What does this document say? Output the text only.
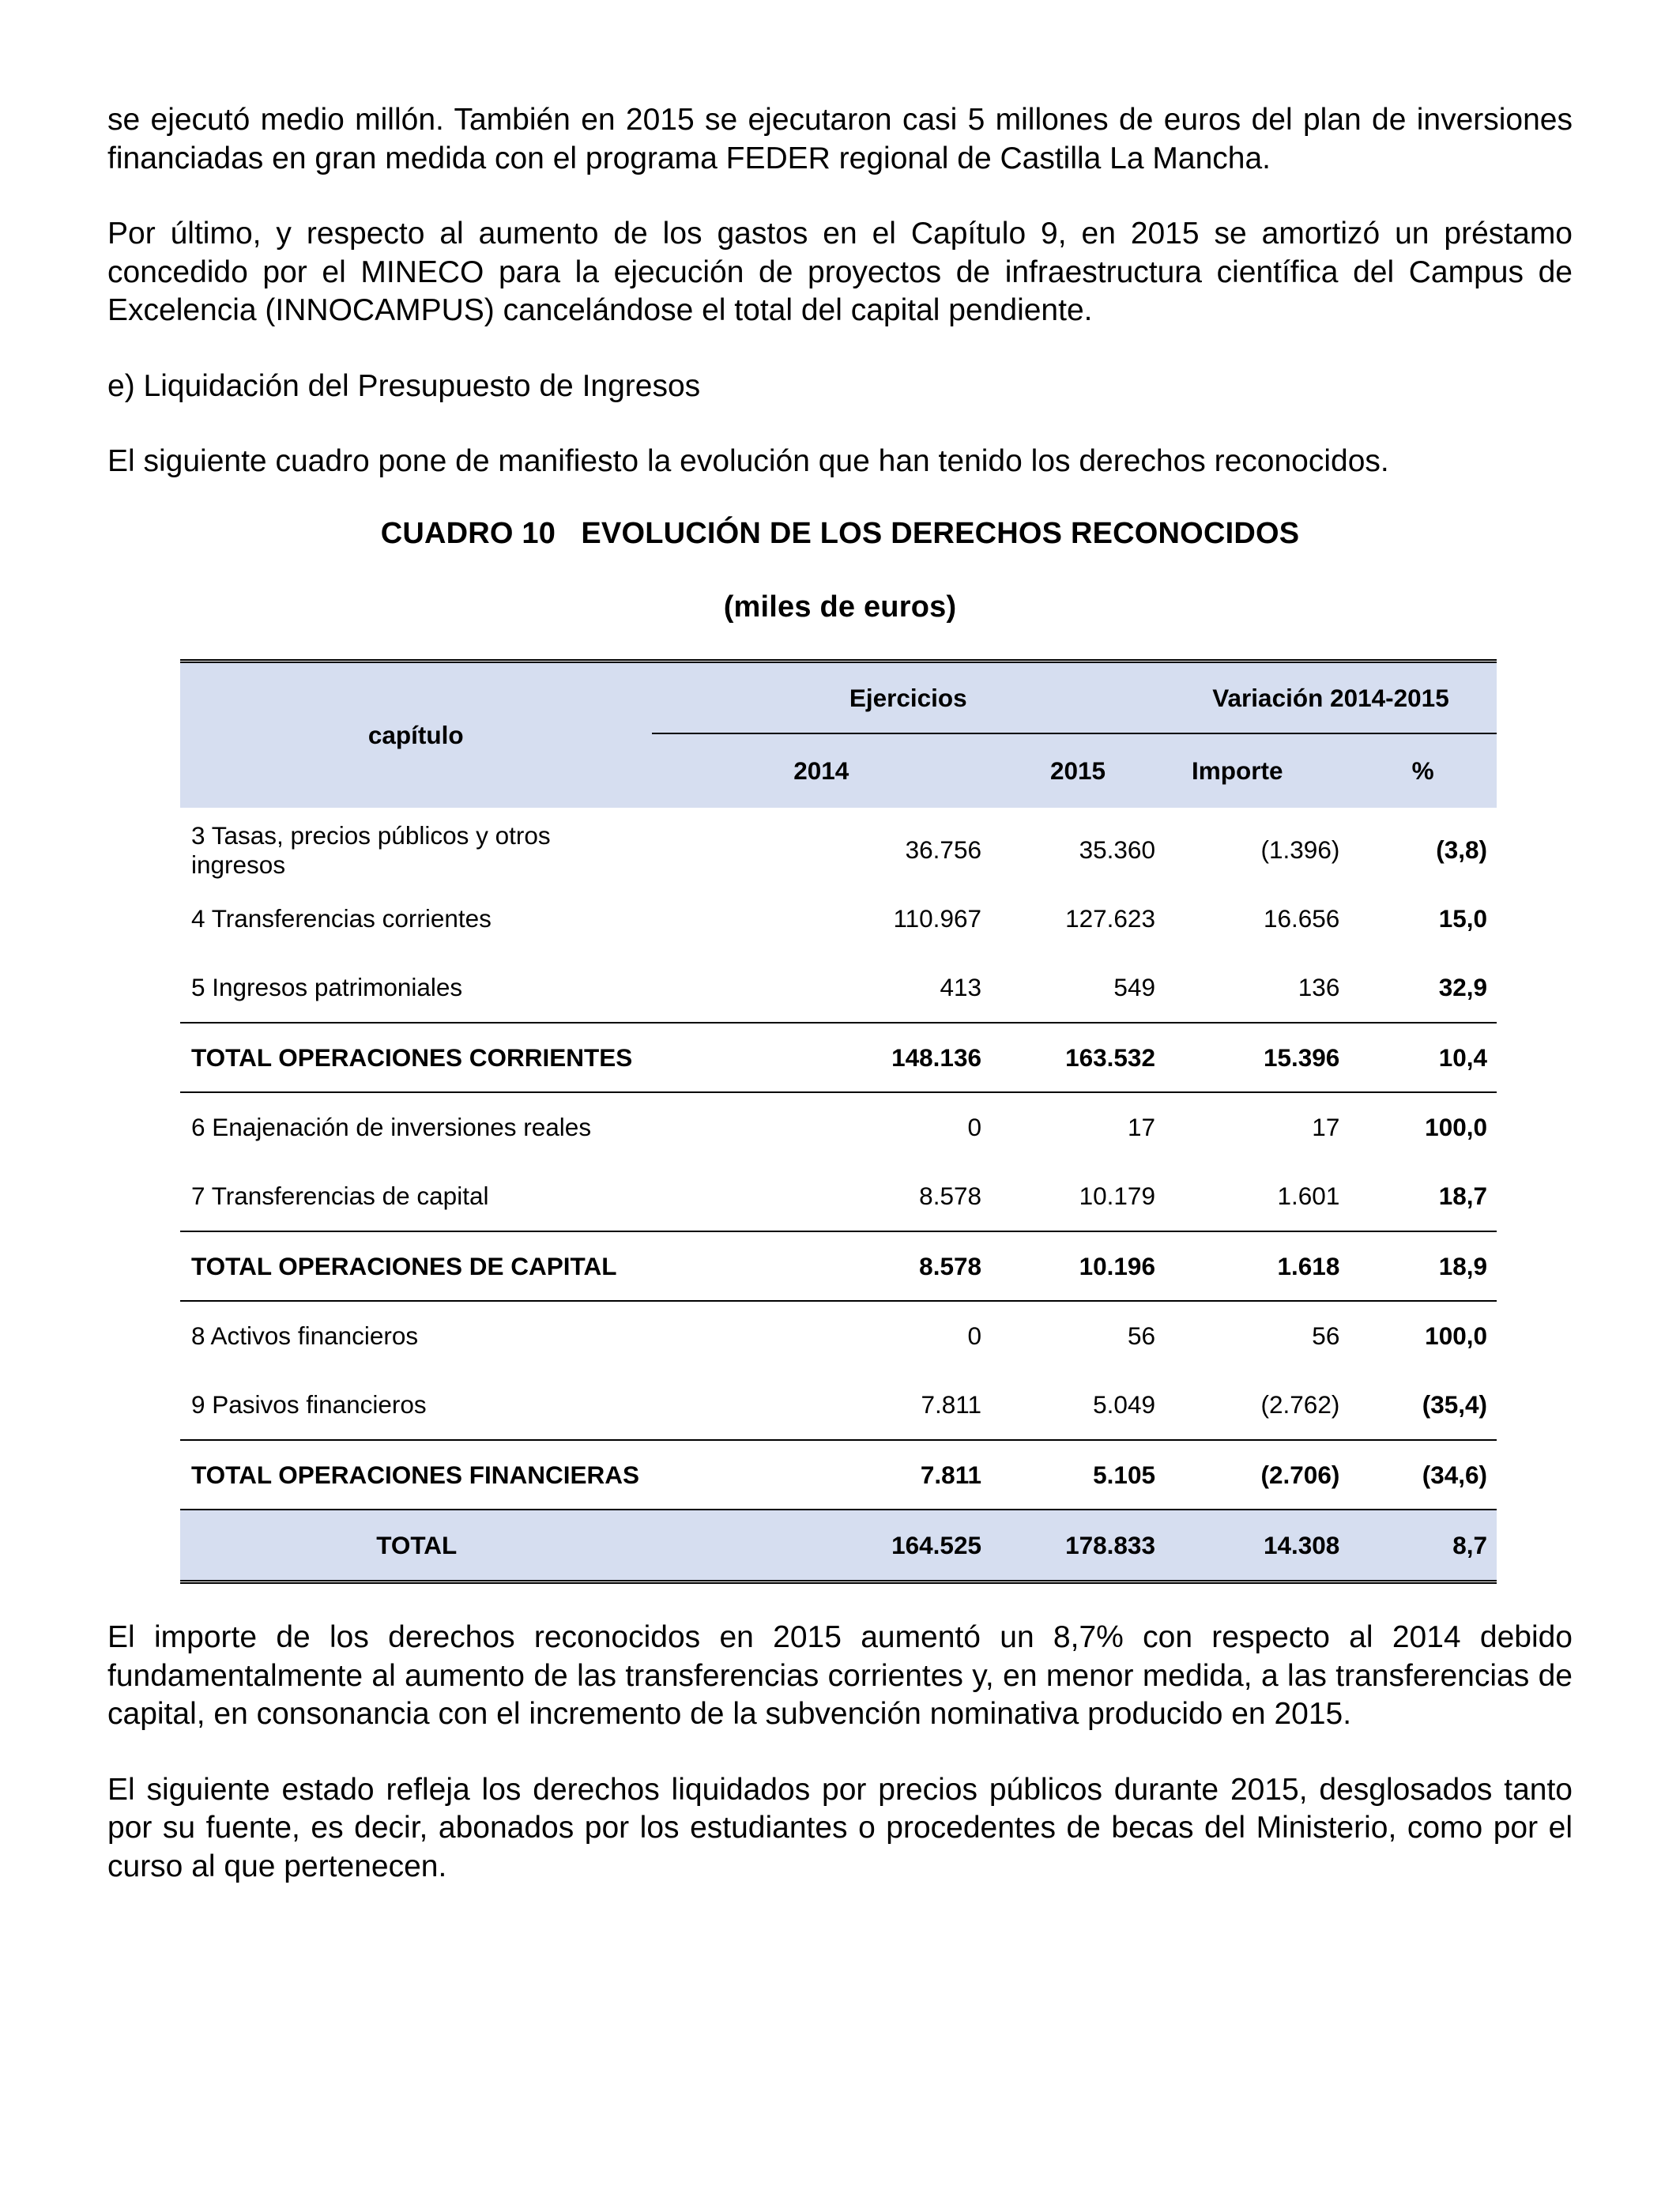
se ejecutó medio millón. También en 2015 se ejecutaron casi 5 millones de euros del plan de inversiones financiadas en gran medida con el programa FEDER regional de Castilla La Mancha.

Por último, y respecto al aumento de los gastos en el Capítulo 9, en 2015 se amortizó un préstamo concedido por el MINECO para la ejecución de proyectos de infraestructura científica del Campus de Excelencia (INNOCAMPUS) cancelándose el total del capital pendiente.

e) Liquidación del Presupuesto de Ingresos

El siguiente cuadro pone de manifiesto la evolución que han tenido los derechos reconocidos.

CUADRO 10   EVOLUCIÓN DE LOS DERECHOS RECONOCIDOS

(miles de euros)

capítulo	Ejercicios		Variación 2014-2015	
	2014	2015	Importe	%
3 Tasas, precios públicos y otros ingresos	36.756	35.360	(1.396)	(3,8)
4 Transferencias corrientes	110.967	127.623	16.656	15,0
5 Ingresos patrimoniales	413	549	136	32,9
TOTAL OPERACIONES CORRIENTES	148.136	163.532	15.396	10,4
6 Enajenación de inversiones reales	0	17	17	100,0
7 Transferencias de capital	8.578	10.179	1.601	18,7
TOTAL OPERACIONES DE CAPITAL	8.578	10.196	1.618	18,9
8 Activos financieros	0	56	56	100,0
9 Pasivos financieros	7.811	5.049	(2.762)	(35,4)
TOTAL OPERACIONES FINANCIERAS	7.811	5.105	(2.706)	(34,6)
TOTAL	164.525	178.833	14.308	8,7

El importe de los derechos reconocidos en 2015 aumentó un 8,7% con respecto al 2014 debido fundamentalmente al aumento de las transferencias corrientes y, en menor medida, a las transferencias de capital, en consonancia con el incremento de la subvención nominativa producido en 2015.

El siguiente estado refleja los derechos liquidados por precios públicos durante 2015, desglosados tanto por su fuente, es decir, abonados por los estudiantes o procedentes de becas del Ministerio, como por el curso al que pertenecen.
